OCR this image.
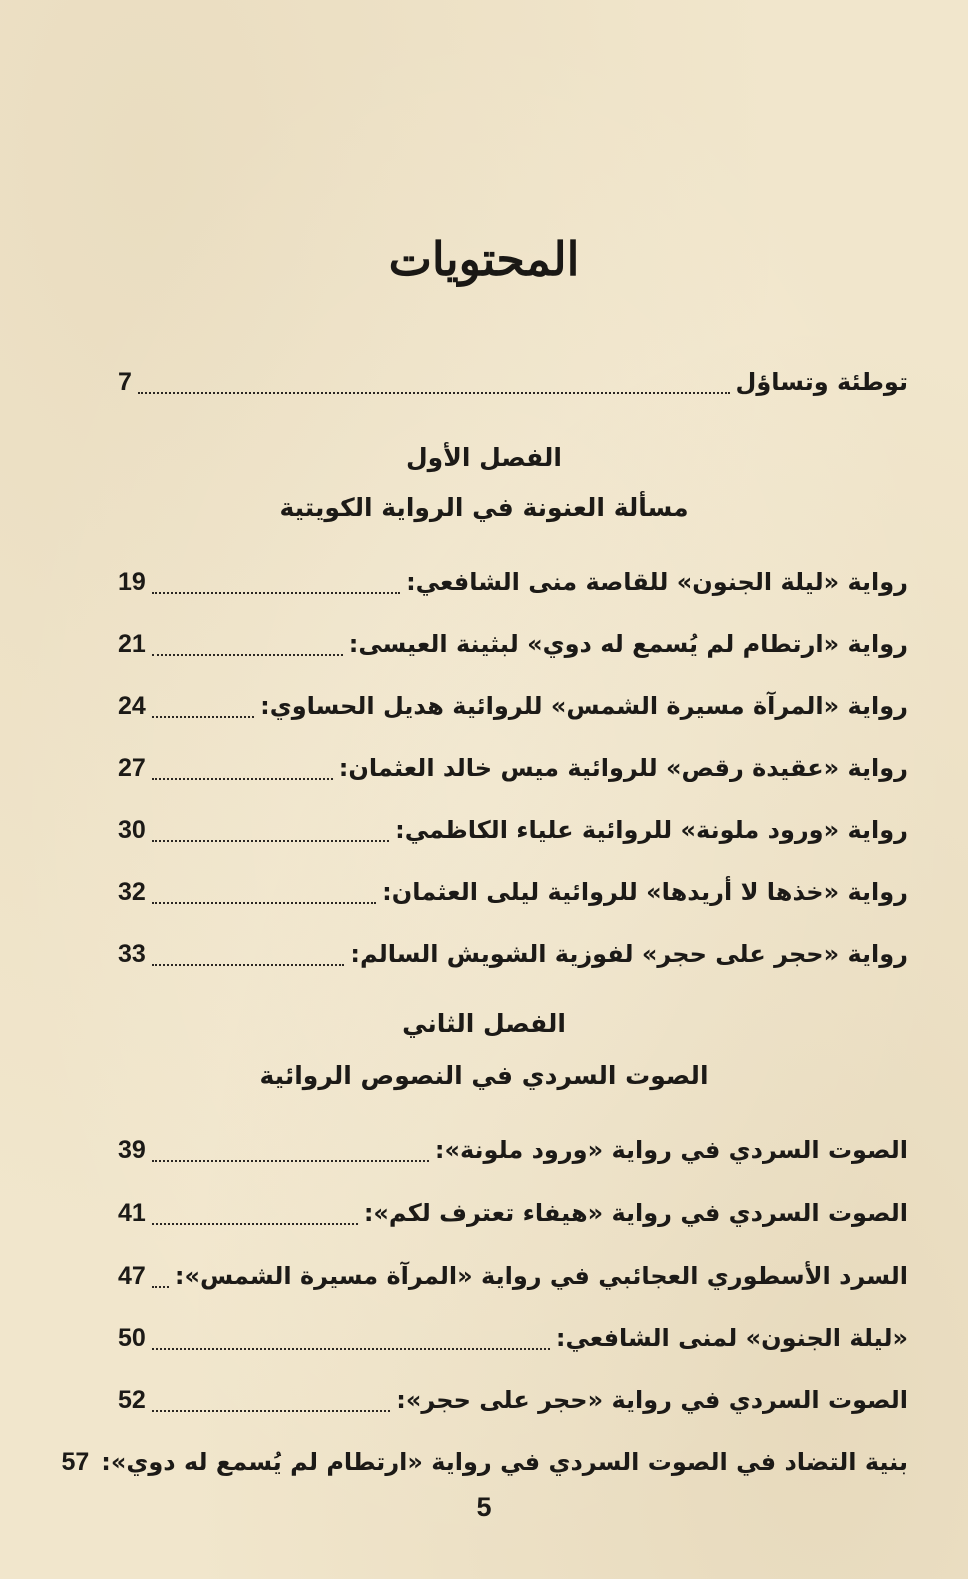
المحتويات
توطئة وتساؤل
7
الفصل الأول
مسألة العنونة في الرواية الكويتية
رواية «ليلة الجنون» للقاصة منى الشافعي:
19
رواية «ارتطام لم يُسمع له دوي» لبثينة العيسى:
21
رواية «المرآة مسيرة الشمس» للروائية هديل الحساوي:
24
رواية «عقيدة رقص» للروائية ميس خالد العثمان:
27
رواية «ورود ملونة» للروائية علياء الكاظمي:
30
رواية «خذها لا أريدها» للروائية ليلى العثمان:
32
رواية «حجر على حجر» لفوزية الشويش السالم:
33
الفصل الثاني
الصوت السردي في النصوص الروائية
الصوت السردي في رواية «ورود ملونة»:
39
الصوت السردي في رواية «هيفاء تعترف لكم»:
41
السرد الأسطوري العجائبي في رواية «المرآة مسيرة الشمس»:
47
«ليلة الجنون» لمنى الشافعي:
50
الصوت السردي في رواية «حجر على حجر»:
52
بنية التضاد في الصوت السردي في رواية «ارتطام لم يُسمع له دوي»:
57
5
